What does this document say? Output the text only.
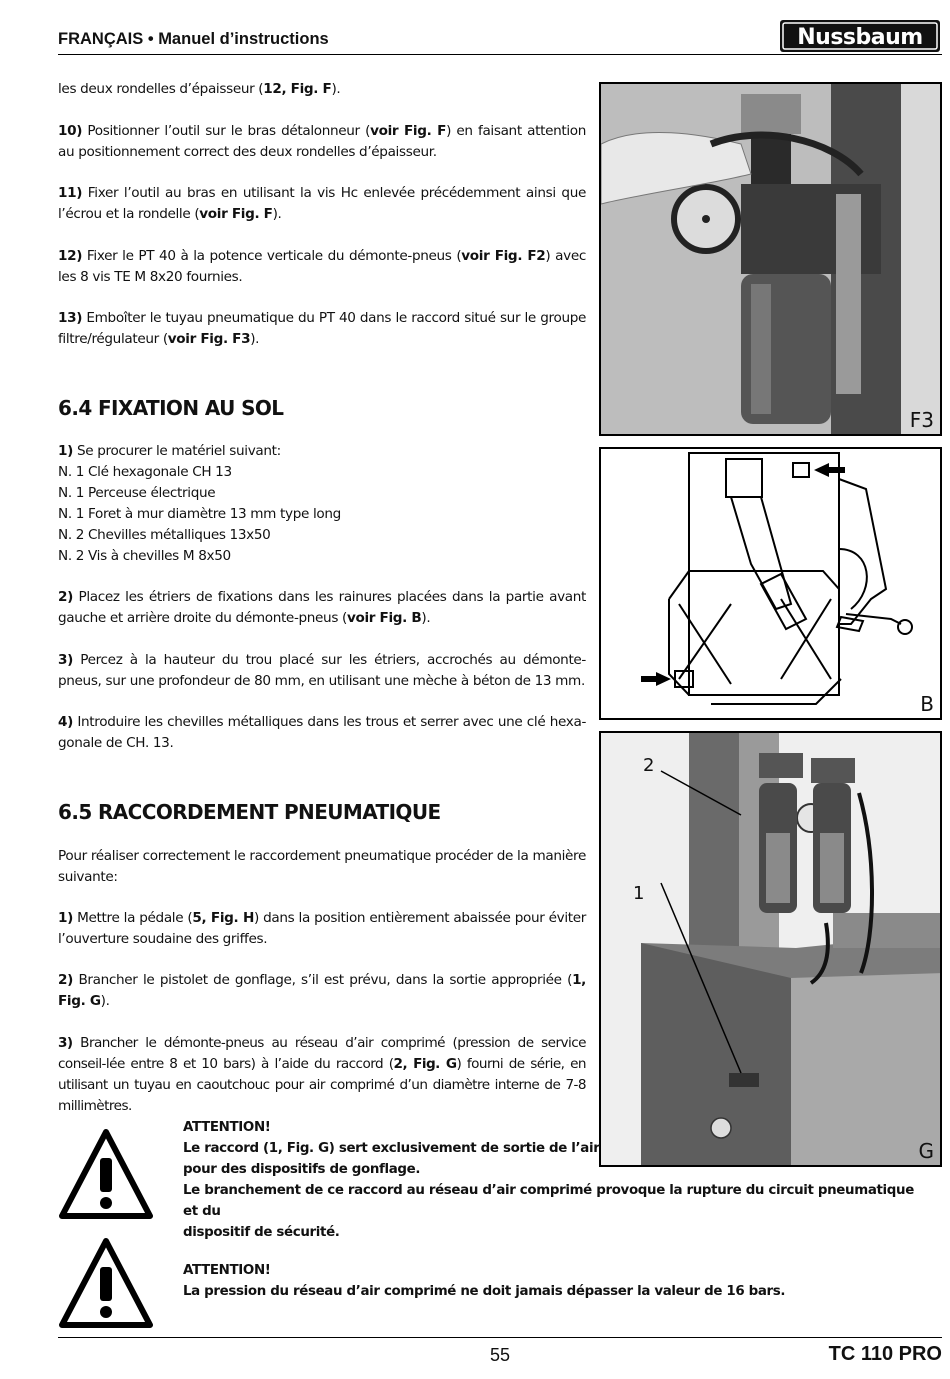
FRANÇAIS • Manuel d’instructions	Nussbaum
les deux rondelles d’épaisseur (12, Fig. F).
10) Positionner l’outil sur le bras détalonneur (voir Fig. F) en faisant attention au positionnement correct des deux rondelles d’épaisseur.
11) Fixer l’outil au bras en utilisant la vis Hc enlevée précédemment ainsi que l’écrou et la rondelle (voir Fig. F).
12) Fixer le PT 40 à la potence verticale du démonte-pneus (voir Fig. F2) avec les 8 vis TE M 8x20 fournies.
13) Emboîter le tuyau pneumatique du PT 40 dans le raccord situé sur le groupe filtre/régulateur (voir Fig. F3).
6.4 FIXATION AU SOL
1) Se procurer le matériel suivant:
N. 1 Clé hexagonale CH 13
N. 1 Perceuse électrique
N. 1 Foret à mur diamètre 13 mm type long
N. 2 Chevilles métalliques 13x50
N. 2 Vis à chevilles M 8x50
2) Placez les étriers de fixations dans les rainures placées dans la partie avant gauche et arrière droite du démonte-pneus (voir Fig. B).
3) Percez à la hauteur du trou placé sur les étriers, accrochés au démonte-pneus, sur une profondeur de 80 mm, en utilisant une mèche à béton de 13 mm.
4) Introduire les chevilles métalliques dans les trous et serrer avec une clé hexa-gonale de CH. 13.
6.5 RACCORDEMENT PNEUMATIQUE
Pour réaliser correctement le raccordement pneumatique procéder de la manière suivante:
1) Mettre la pédale (5, Fig. H) dans la position entièrement abaissée pour éviter l’ouverture soudaine des griffes.
2) Brancher le pistolet de gonflage, s’il est prévu, dans la sortie appropriée (1, Fig. G).
3) Brancher le démonte-pneus au réseau d’air comprimé (pression de service conseil-lée entre 8 et 10 bars) à l’aide du raccord (2, Fig. G) fourni de série, en utilisant un tuyau en caoutchouc pour air comprimé d’un diamètre interne de 7-8 millimètres.
F3
B
2
1
G
ATTENTION!
Le raccord (1, Fig. G) sert exclusivement de sortie de l’air
pour des dispositifs de gonflage.
Le branchement de ce raccord au réseau d’air comprimé provoque la rupture du circuit pneumatique et du
dispositif de sécurité.
ATTENTION!
La pression du réseau d’air comprimé ne doit jamais dépasser la valeur de 16 bars.
55	TC 110 PRO
